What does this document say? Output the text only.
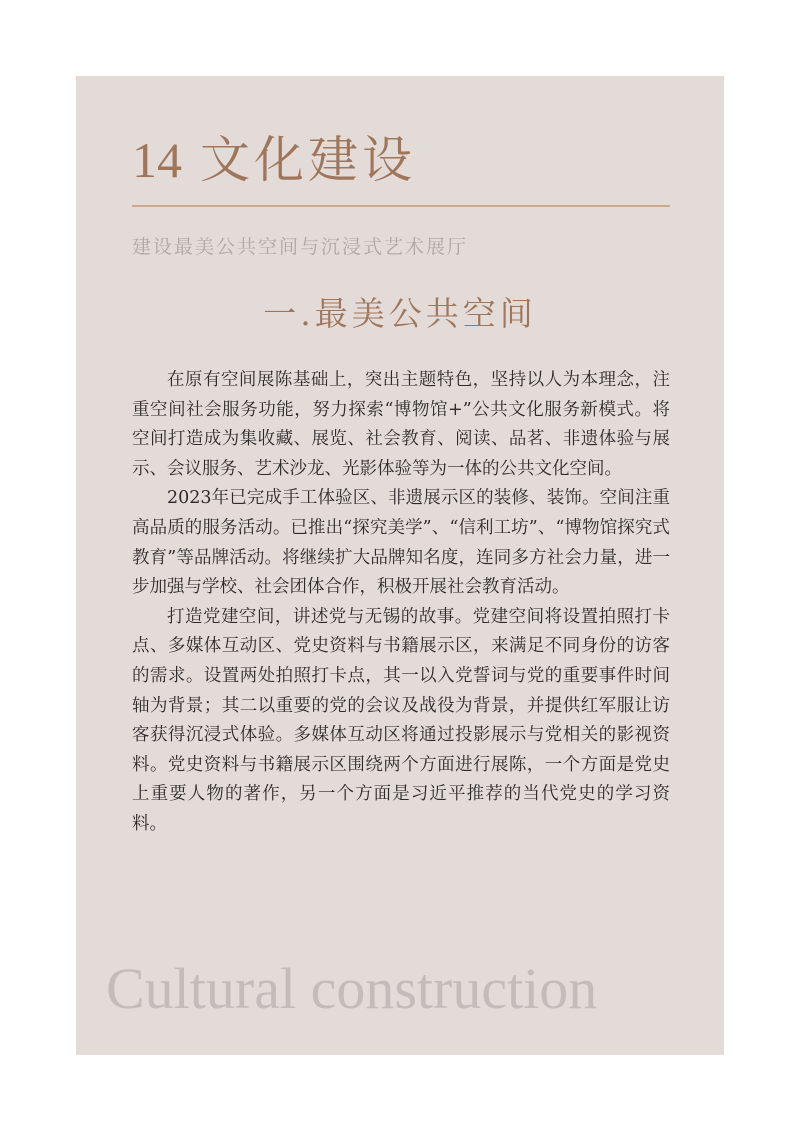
14 文化建设

建设最美公共空间与沉浸式艺术展厅

一.最美公共空间

在原有空间展陈基础上，突出主题特色，坚持以人为本理念，注重空间社会服务功能，努力探索“博物馆+”公共文化服务新模式。将空间打造成为集收藏、展览、社会教育、阅读、品茗、非遗体验与展示、会议服务、艺术沙龙、光影体验等为一体的公共文化空间。

2023年已完成手工体验区、非遗展示区的装修、装饰。空间注重高品质的服务活动。已推出“探究美学”、“信利工坊”、“博物馆探究式教育”等品牌活动。将继续扩大品牌知名度，连同多方社会力量，进一步加强与学校、社会团体合作，积极开展社会教育活动。

打造党建空间，讲述党与无锡的故事。党建空间将设置拍照打卡点、多媒体互动区、党史资料与书籍展示区，来满足不同身份的访客的需求。设置两处拍照打卡点，其一以入党誓词与党的重要事件时间轴为背景；其二以重要的党的会议及战役为背景，并提供红军服让访客获得沉浸式体验。多媒体互动区将通过投影展示与党相关的影视资料。党史资料与书籍展示区围绕两个方面进行展陈，一个方面是党史上重要人物的著作，另一个方面是习近平推荐的当代党史的学习资料。

Cultural construction
